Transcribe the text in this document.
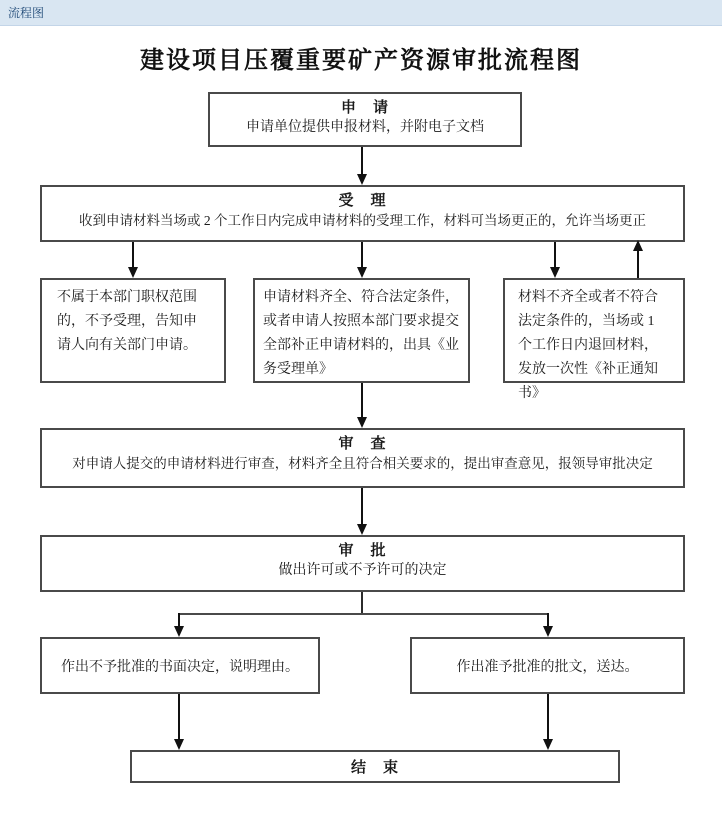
流程图
建设项目压覆重要矿产资源审批流程图
申　请
申请单位提供申报材料，并附电子文档
受　理
收到申请材料当场或 2 个工作日内完成申请材料的受理工作，材料可当场更正的，允许当场更正
不属于本部门职权范围的，不予受理，告知申请人向有关部门申请。
申请材料齐全、符合法定条件，或者申请人按照本部门要求提交全部补正申请材料的，出具《业务受理单》
材料不齐全或者不符合法定条件的，当场或 1 个工作日内退回材料，发放一次性《补正通知书》
审　查
对申请人提交的申请材料进行审查，材料齐全且符合相关要求的，提出审查意见，报领导审批决定
审　批
做出许可或不予许可的决定
作出不予批准的书面决定，说明理由。	作出准予批准的批文，送达。
结　束
